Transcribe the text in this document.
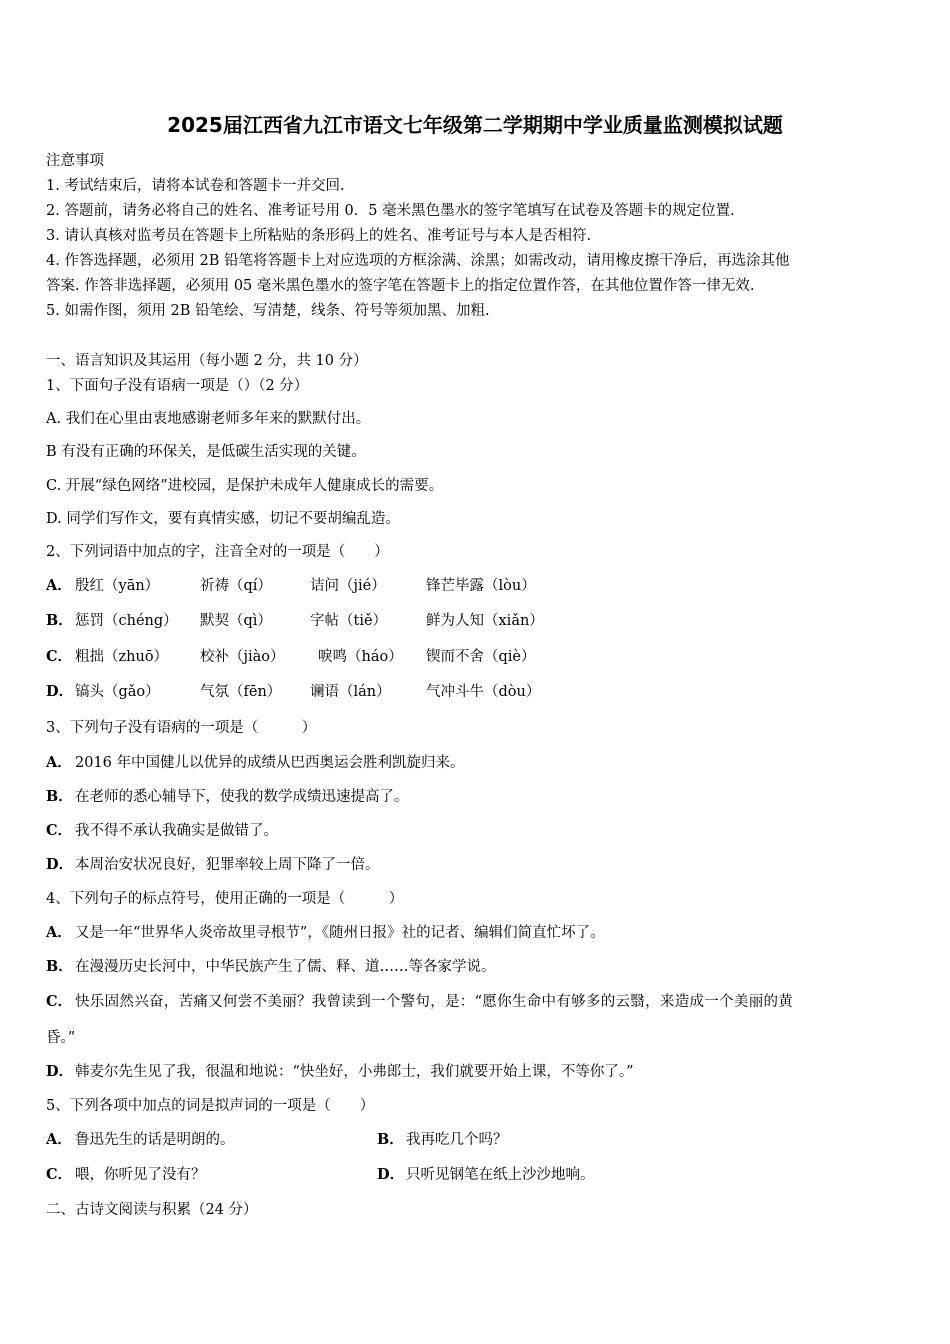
2025届江西省九江市语文七年级第二学期期中学业质量监测模拟试题
注意事项
1. 考试结束后，请将本试卷和答题卡一并交回.
2. 答题前，请务必将自己的姓名、准考证号用 0．5 毫米黑色墨水的签字笔填写在试卷及答题卡的规定位置.
3. 请认真核对监考员在答题卡上所粘贴的条形码上的姓名、准考证号与本人是否相符.
4. 作答选择题，必须用 2B 铅笔将答题卡上对应选项的方框涂满、涂黑；如需改动，请用橡皮擦干净后，再选涂其他
答案. 作答非选择题，必须用 05 毫米黑色墨水的签字笔在答题卡上的指定位置作答，在其他位置作答一律无效.
5. 如需作图，须用 2B 铅笔绘、写清楚，线条、符号等须加黑、加粗.
一、语言知识及其运用（每小题 2 分，共 10 分）
1、下面句子没有语病一项是（）（2 分）
A. 我们在心里由衷地感谢老师多年来的默默付出。
B 有没有正确的环保关，是低碳生活实现的关键。
C. 开展“绿色网络”进校园，是保护未成年人健康成长的需要。
D. 同学们写作文，要有真情实感，切记不要胡编乱造。
2、下列词语中加点的字，注音全对的一项是（　　）
A． 殷红（yān）	祈祷（qí）	诘问（jié）	锋芒毕露（lòu）
B． 惩罚（chéng） 默契（qì）	字帖（tiě）	鲜为人知（xiǎn）
C． 粗拙（zhuō） 校补（jiào） 唳鸣（háo） 锲而不舍（qiè）
D． 镐头（gǎo）	气氛（fēn） 谰语（lán） 气冲斗牛（dòu）
3、下列句子没有语病的一项是（　　　）
A． 2016 年中国健儿以优异的成绩从巴西奥运会胜利凯旋归来。
B． 在老师的悉心辅导下，使我的数学成绩迅速提高了。
C． 我不得不承认我确实是做错了。
D． 本周治安状况良好，犯罪率较上周下降了一倍。
4、下列句子的标点符号，使用正确的一项是（　　　）
A． 又是一年“世界华人炎帝故里寻根节”，《随州日报》社的记者、编辑们简直忙坏了。
B． 在漫漫历史长河中，中华民族产生了儒、释、道……等各家学说。
C． 快乐固然兴奋，苦痛又何尝不美丽？我曾读到一个警句，是：“愿你生命中有够多的云翳，来造成一个美丽的黄
昏。”
D． 韩麦尔先生见了我，很温和地说：“快坐好，小弗郎士，我们就要开始上课，不等你了。”
5、下列各项中加点的词是拟声词的一项是（　　）
A． 鲁迅先生的话是明朗的。	B． 我再吃几个吗？
C． 喂，你听见了没有？	D． 只听见钢笔在纸上沙沙地响。
二、古诗文阅读与积累（24 分）
